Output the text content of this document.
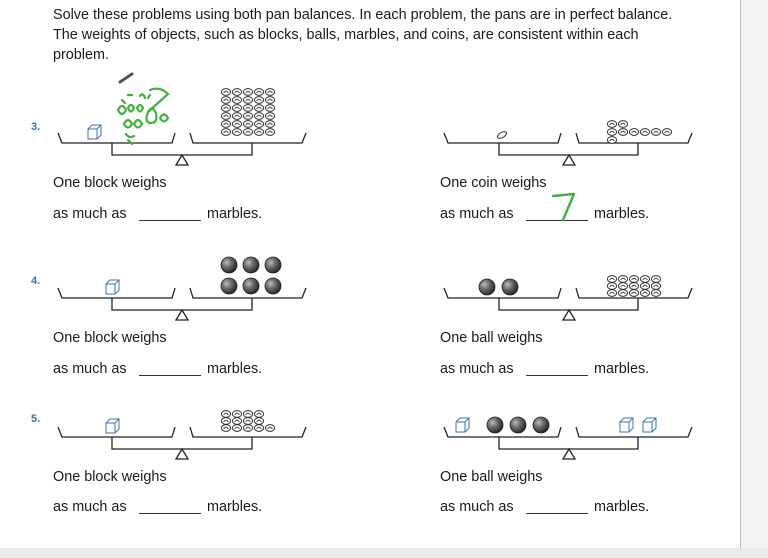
Solve these problems using both pan balances. In each problem, the pans are in perfect balance. The weights of objects, such as blocks, balls, marbles, and coins, are consistent within each problem.
3.
4.
5.
One block weighs
as much as	marbles.
One coin weighs
as much as	marbles.
One block weighs
as much as	marbles.
One ball weighs
as much as	marbles.
One block weighs
as much as	marbles.
One ball weighs
as much as	marbles.
